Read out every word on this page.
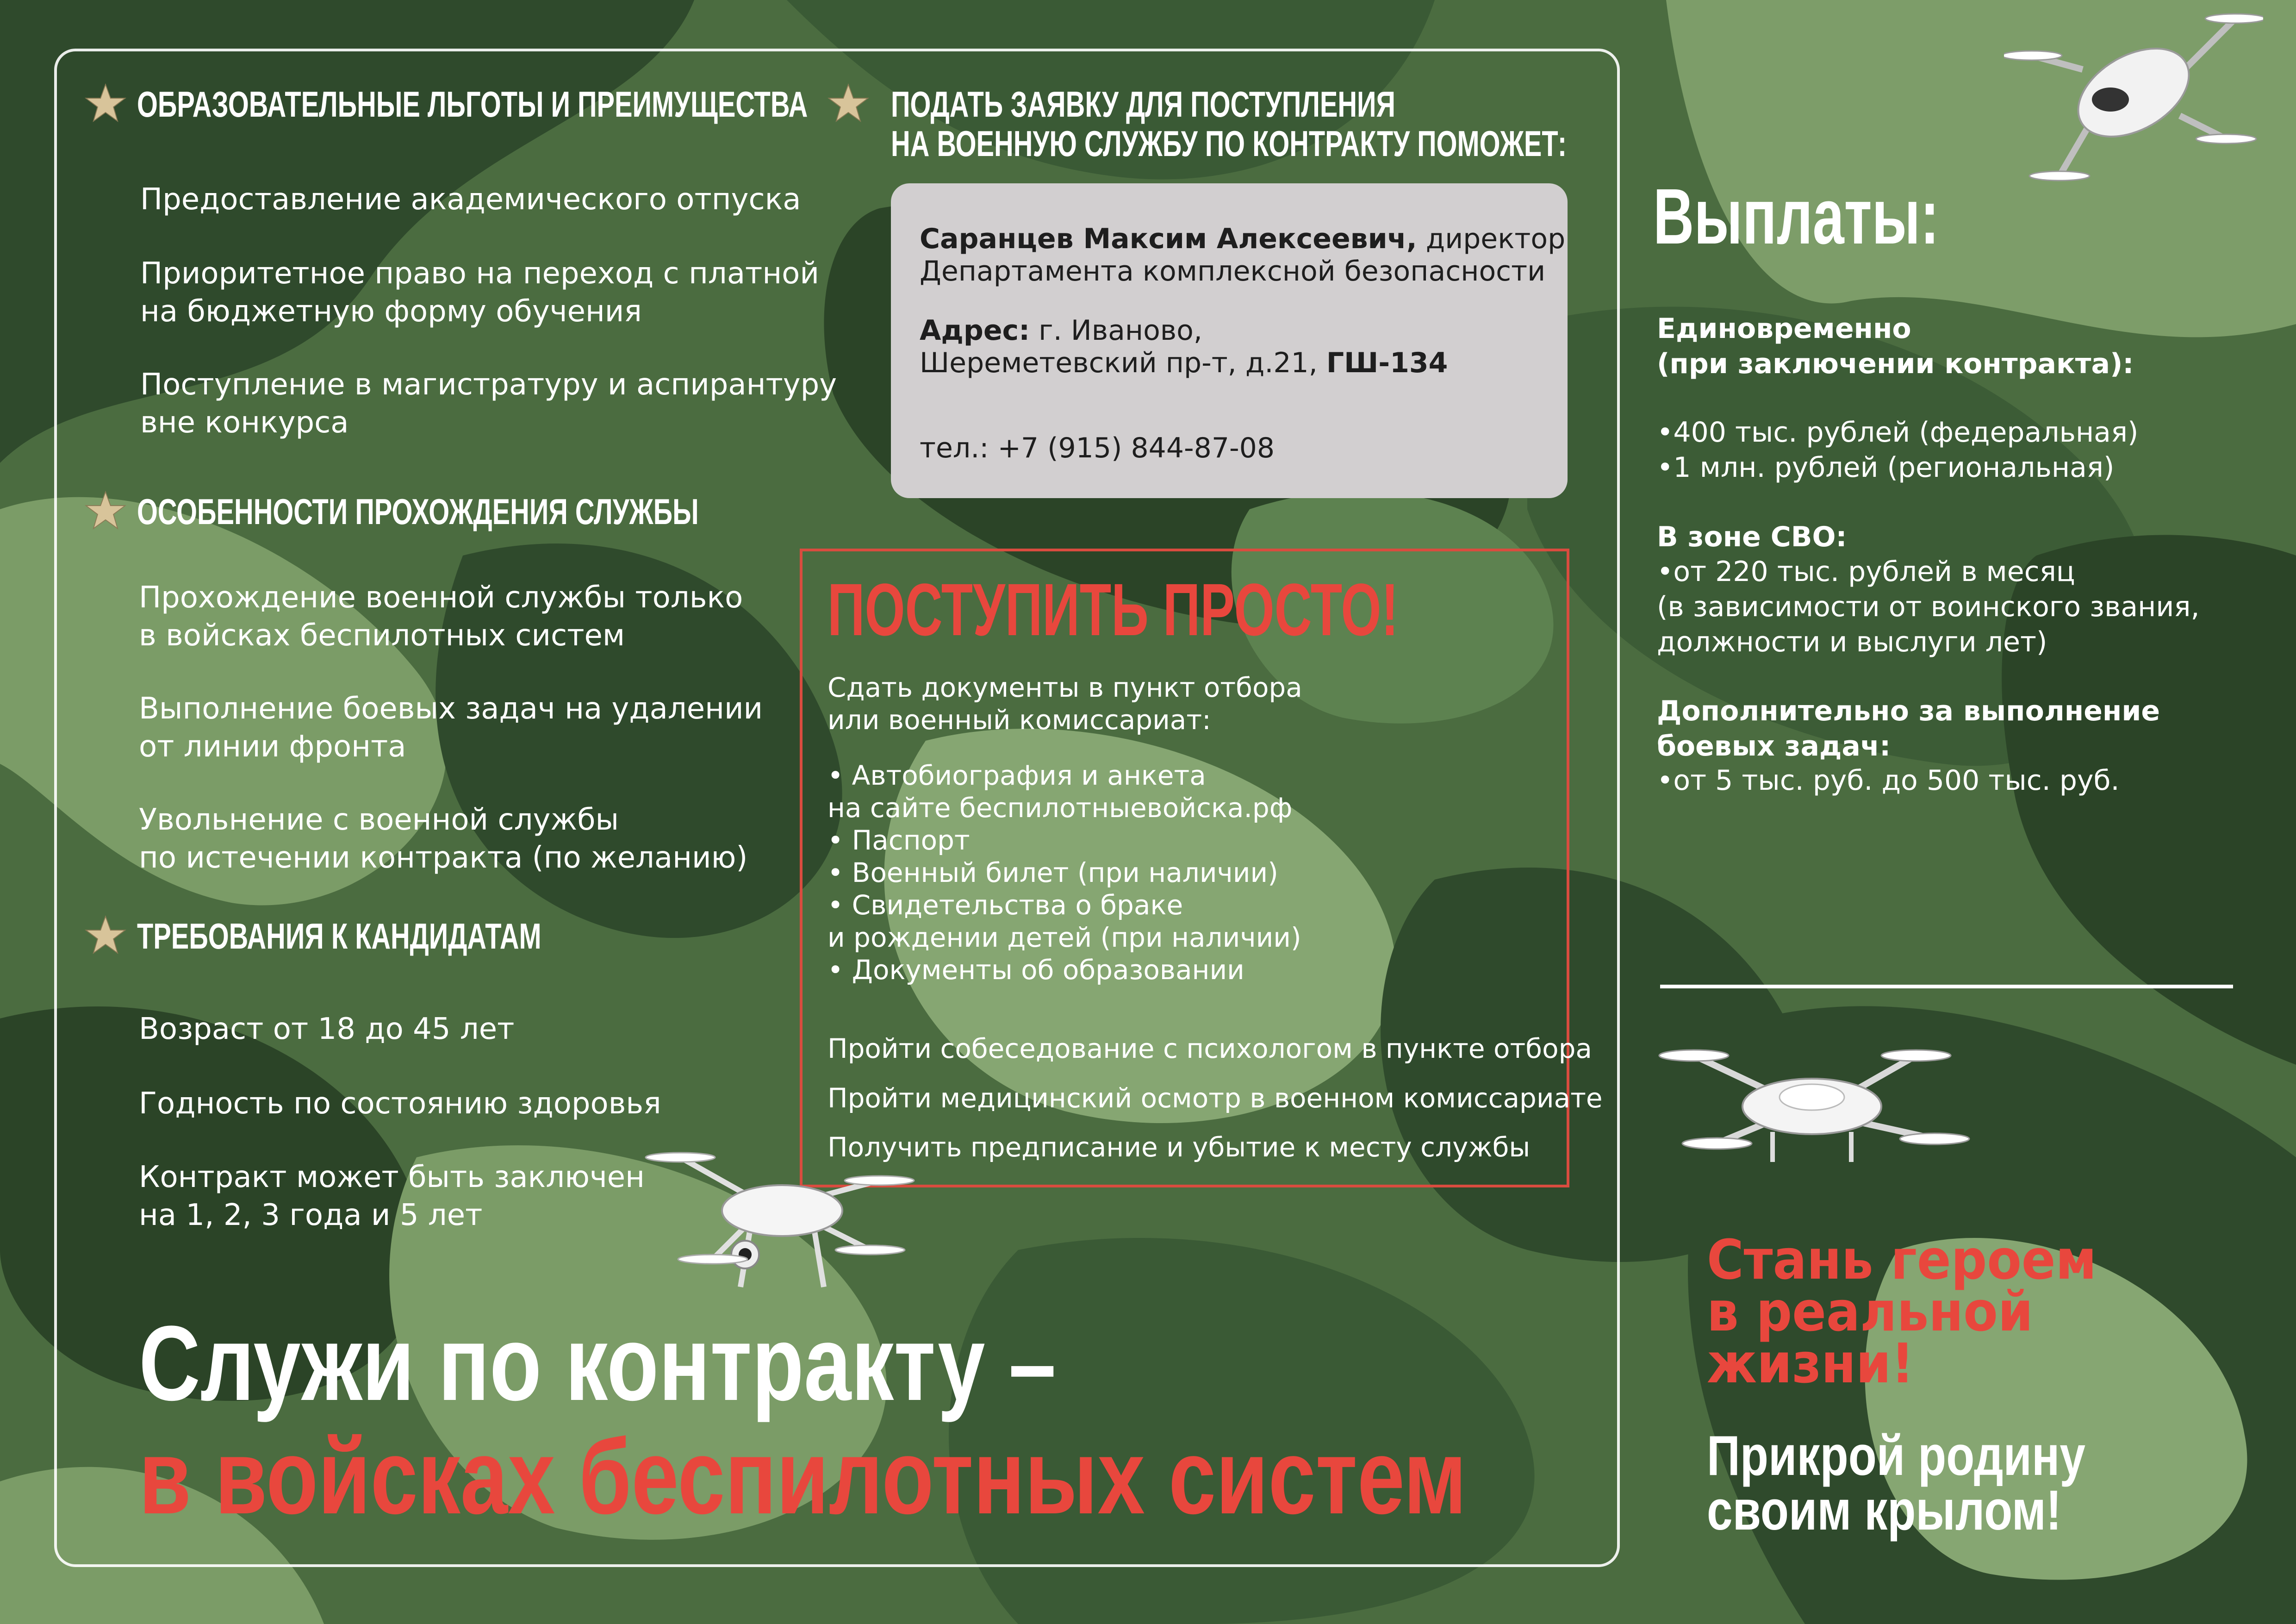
ОБРАЗОВАТЕЛЬНЫЕ ЛЬГОТЫ И ПРЕИМУЩЕСТВА
Предоставление академического отпуска
Приоритетное право на переход с платной
на бюджетную форму обучения
Поступление в магистратуру и аспирантуру
вне конкурса
ОСОБЕННОСТИ ПРОХОЖДЕНИЯ СЛУЖБЫ
Прохождение военной службы только
в войсках беспилотных систем
Выполнение боевых задач на удалении
от линии фронта
Увольнение с военной службы
по истечении контракта (по желанию)
ТРЕБОВАНИЯ К КАНДИДАТАМ
Возраст от 18 до 45 лет
Годность по состоянию здоровья
Контракт может быть заключен
на 1, 2, 3 года и 5 лет
ПОДАТЬ ЗАЯВКУ ДЛЯ ПОСТУПЛЕНИЯ
НА ВОЕННУЮ СЛУЖБУ ПО КОНТРАКТУ ПОМОЖЕТ:
Саранцев Максим Алексеевич, директор
Департамента комплексной безопасности
Адрес: г. Иваново,
Шереметевский пр-т, д.21, ГШ-134
тел.: +7 (915) 844-87-08
ПОСТУПИТЬ ПРОСТО!
Сдать документы в пункт отбора
или военный комиссариат:
• Автобиография и анкета
на сайте беспилотныевойска.рф
• Паспорт
• Военный билет (при наличии)
• Свидетельства о браке
и рождении детей (при наличии)
• Документы об образовании
Пройти собеседование с психологом в пункте отбора
Пройти медицинский осмотр в военном комиссариате
Получить предписание и убытие к месту службы
Выплаты:
Единовременно
(при заключении контракта):
•400 тыс. рублей (федеральная)
•1 млн. рублей (региональная)
В зоне СВО:
•от 220 тыс. рублей в месяц
(в зависимости от воинского звания,
должности и выслуги лет)
Дополнительно за выполнение
боевых задач:
•от 5 тыс. руб. до 500 тыс. руб.
Стань героем
в реальной
жизни!
Прикрой родину
своим крылом!
Служи по контракту –
в войсках беспилотных систем
